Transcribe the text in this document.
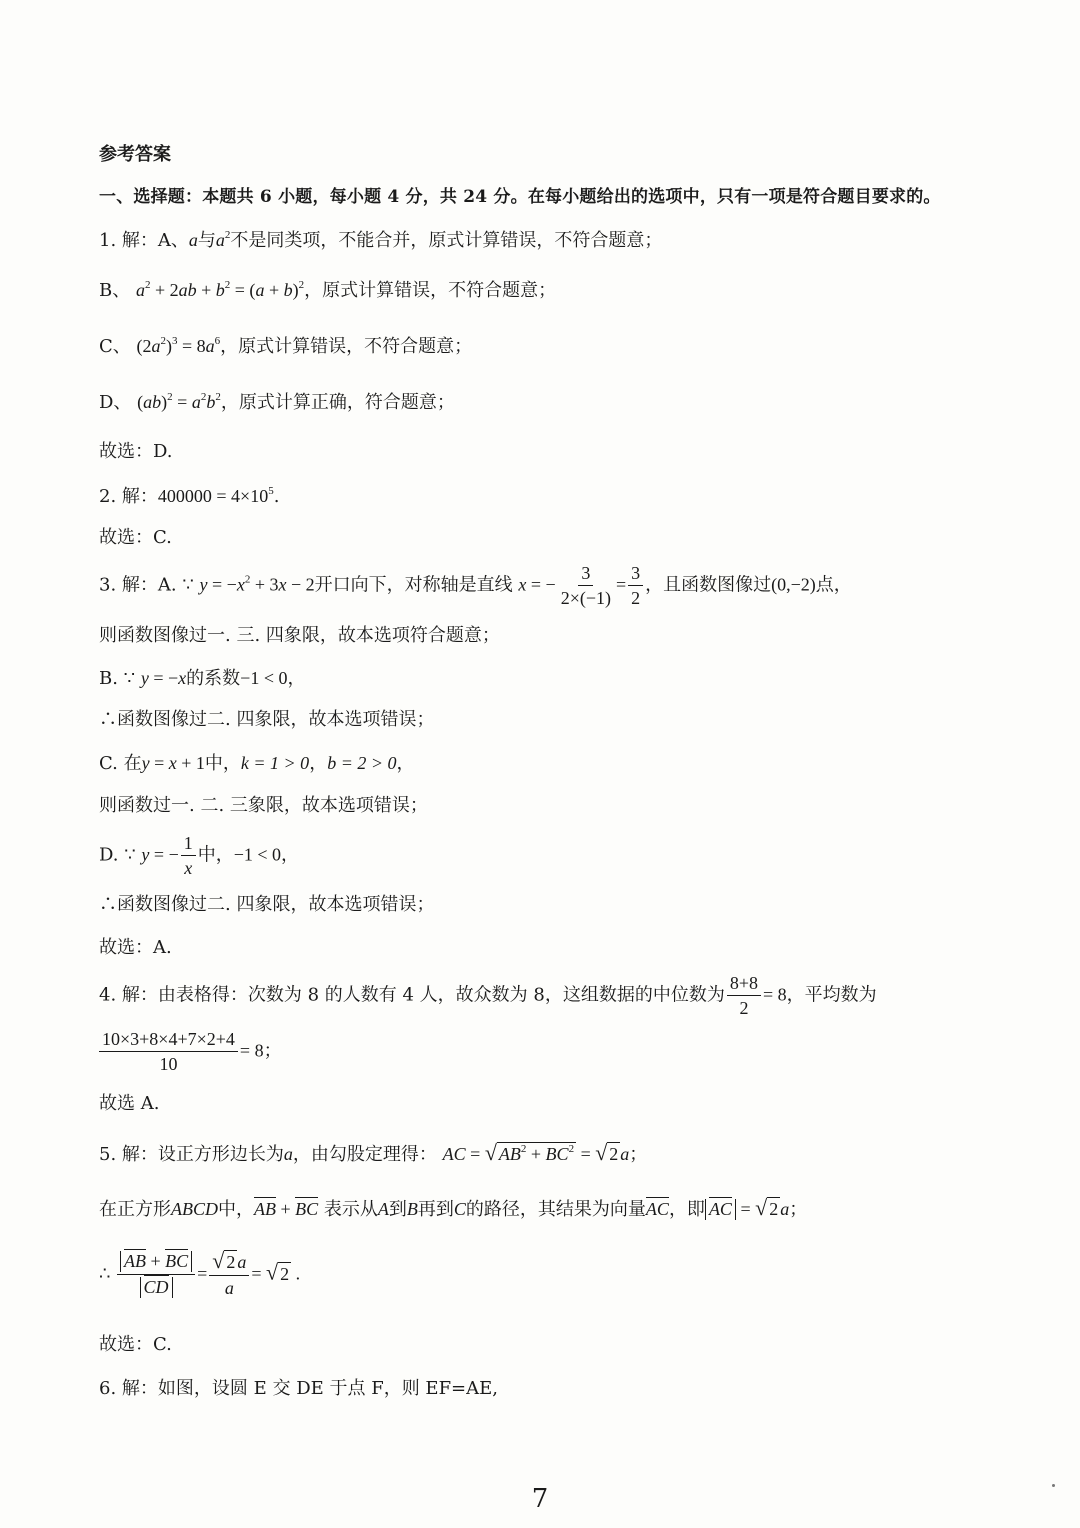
参考答案
一、选择题：本题共 6 小题，每小题 4 分，共 24 分。在每小题给出的选项中，只有一项是符合题目要求的。
1. 解：A、a与$a^2$不是同类项，不能合并，原式计算错误，不符合题意；
B、 $a^2 + 2ab + b^2 = (a + b)^2$，原式计算错误，不符合题意；
C、 $(2a^2)^3 = 8a^6$，原式计算错误，不符合题意；
D、 $(ab)^2 = a^2b^2$，原式计算正确，符合题意；
故选：D.
2. 解：$400000 = 4\times 10^5$.
故选：C.
3. 解：A. ∵ $y = -x^2 + 3x - 2$开口向下，对称轴是直线 x = − $\frac{3}{2\times(-1)} = \frac{3}{2}$ ，且函数图像过(0,−2)点，
则函数图像过一. 三. 四象限，故本选项符合题意；
B. ∵ y = −x的系数−1 < 0，
∴函数图像过二. 四象限，故本选项错误；
C. 在y = x + 1中，k = 1 > 0，b = 2 > 0，
则函数过一. 二. 三象限，故本选项错误；
D. ∵ y = − $\frac{1}{x}$ 中，−1 < 0，
∴函数图像过二. 四象限，故本选项错误；
故选：A.
4. 解：由表格得：次数为 8 的人数有 4 人，故众数为 8，这组数据的中位数为 $\frac{8+8}{2} = 8$，平均数为
$\frac{10\times 3+8\times 4+7\times 2+4}{10} = 8$；
故选 A.
5. 解：设正方形边长为a，由勾股定理得： AC = √ $AB^2 + BC^2$ = √ 2 a；
在正方形ABCD中，AB + BC 表示从A到B再到C的路径，其结果为向量AC，即 AC = √ 2 a；
∴ $\frac{AB + BC}{CD} = \frac{√ 2 a}{a}$ = √ 2 .
故选：C.
6. 解：如图，设圆 E 交 DE 于点 F，则 EF=AE,
7
